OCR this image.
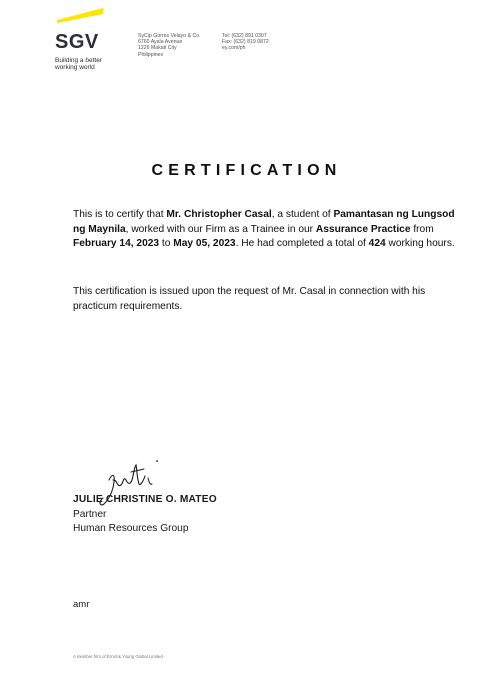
SGV
Building a better
working world
SyCip Gorres Velayo & Co.
6760 Ayala Avenue
1226 Makati City
Philippines
Tel: (632) 891 0307
Fax: (632) 819 0872
ey.com/ph
CERTIFICATION
This is to certify that Mr. Christopher Casal, a student of Pamantasan ng Lungsod ng Maynila, worked with our Firm as a Trainee in our Assurance Practice from February 14, 2023 to May 05, 2023. He had completed a total of 424 working hours.
This certification is issued upon the request of Mr. Casal in connection with his practicum requirements.
JULIE CHRISTINE O. MATEO
Partner
Human Resources Group
amr
A member firm of Ernst & Young Global Limited
